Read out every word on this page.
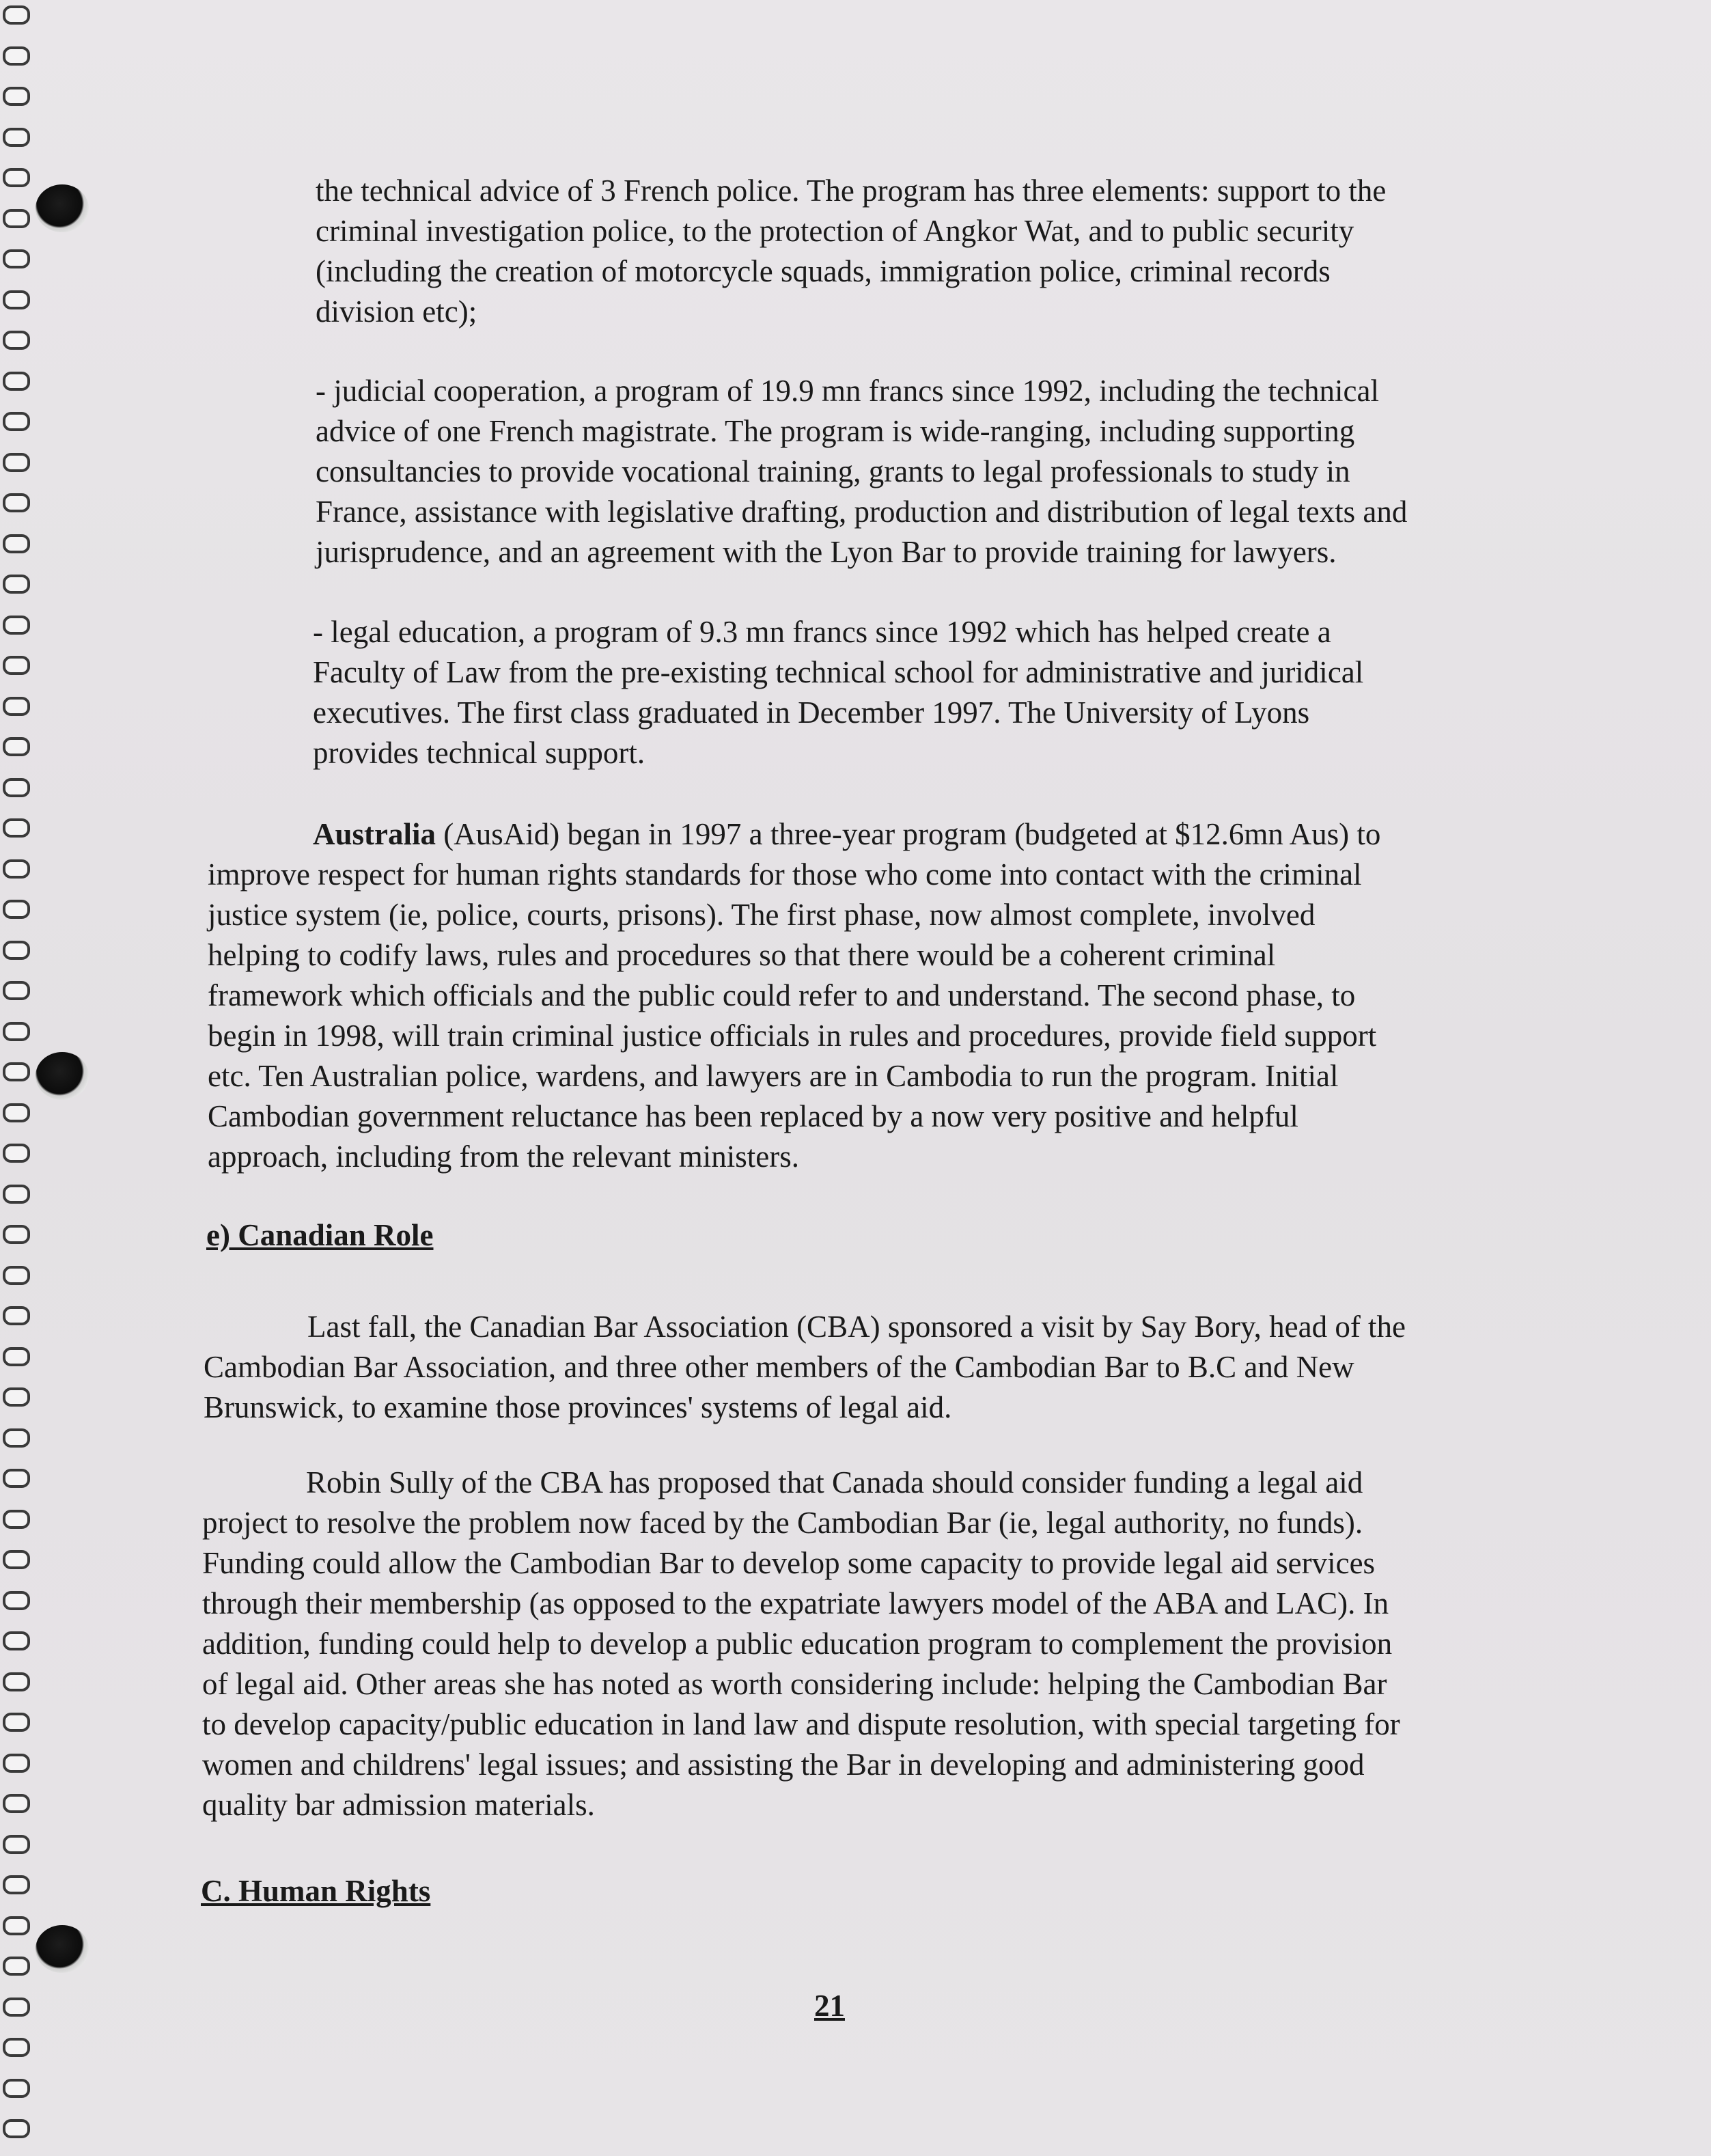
the technical advice of 3 French police. The program has three elements: support to the
criminal investigation police, to the protection of Angkor Wat, and to public security
(including the creation of motorcycle squads, immigration police, criminal records
division etc);
- judicial cooperation, a program of 19.9 mn francs since 1992, including the technical
advice of one French magistrate. The program is wide-ranging, including supporting
consultancies to provide vocational training, grants to legal professionals to study in
France, assistance with legislative drafting, production and distribution of legal texts and
jurisprudence, and an agreement with the Lyon Bar to provide training for lawyers.
- legal education, a program of 9.3 mn francs since 1992 which has helped create a
Faculty of Law from the pre-existing technical school for administrative and juridical
executives. The first class graduated in December 1997. The University of Lyons
provides technical support.
Australia (AusAid) began in 1997 a three-year program (budgeted at $12.6mn Aus) to
improve respect for human rights standards for those who come into contact with the criminal
justice system (ie, police, courts, prisons). The first phase, now almost complete, involved
helping to codify laws, rules and procedures so that there would be a coherent criminal
framework which officials and the public could refer to and understand. The second phase, to
begin in 1998, will train criminal justice officials in rules and procedures, provide field support
etc. Ten Australian police, wardens, and lawyers are in Cambodia to run the program. Initial
Cambodian government reluctance has been replaced by a now very positive and helpful
approach, including from the relevant ministers.
e) Canadian Role
Last fall, the Canadian Bar Association (CBA) sponsored a visit by Say Bory, head of the
Cambodian Bar Association, and three other members of the Cambodian Bar to B.C and New
Brunswick, to examine those provinces' systems of legal aid.
Robin Sully of the CBA has proposed that Canada should consider funding a legal aid
project to resolve the problem now faced by the Cambodian Bar (ie, legal authority, no funds).
Funding could allow the Cambodian Bar to develop some capacity to provide legal aid services
through their membership (as opposed to the expatriate lawyers model of the ABA and LAC). In
addition, funding could help to develop a public education program to complement the provision
of legal aid. Other areas she has noted as worth considering include: helping the Cambodian Bar
to develop capacity/public education in land law and dispute resolution, with special targeting for
women and childrens' legal issues; and assisting the Bar in developing and administering good
quality bar admission materials.
C. Human Rights
21
